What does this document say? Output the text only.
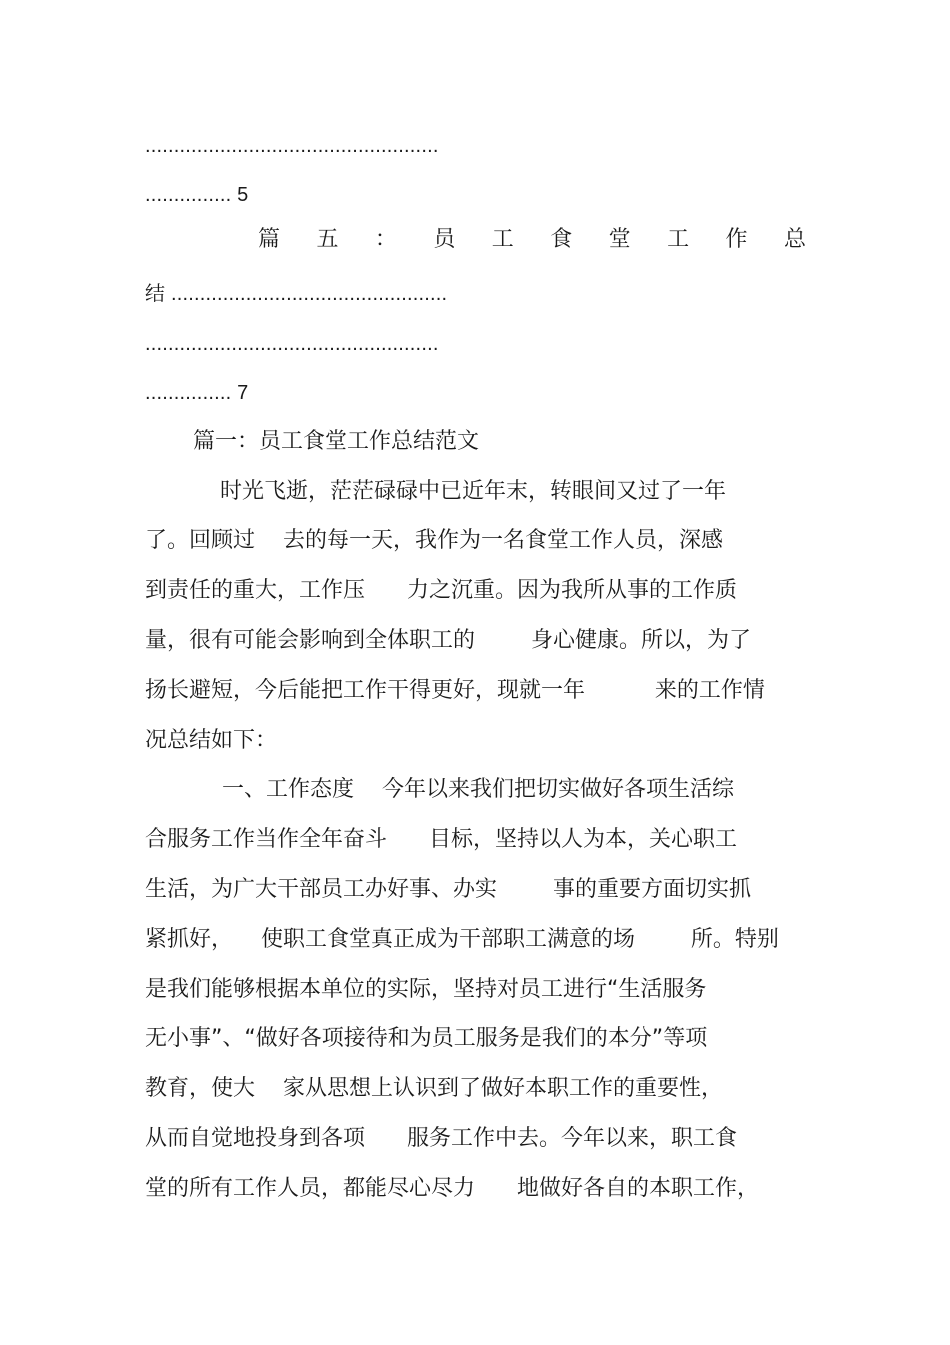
...................................................

............... 5

篇 五 ： 员 工 食 堂 工 作 总

结 ................................................

...................................................

............... 7

篇一：员工食堂工作总结范文

时光飞逝，茫茫碌碌中已近年末，转眼间又过了一年

了。回顾过    去的每一天，我作为一名食堂工作人员，深感

到责任的重大，工作压      力之沉重。因为我所从事的工作质

量，很有可能会影响到全体职工的        身心健康。所以，为了

扬长避短，今后能把工作干得更好，现就一年          来的工作情

况总结如下：

一、工作态度    今年以来我们把切实做好各项生活综

合服务工作当作全年奋斗      目标，坚持以人为本，关心职工

生活，为广大干部员工办好事、办实        事的重要方面切实抓

紧抓好，    使职工食堂真正成为干部职工满意的场        所。特别

是我们能够根据本单位的实际，坚持对员工进行“生活服务

无小事”、“做好各项接待和为员工服务是我们的本分”等项

教育，使大    家从思想上认识到了做好本职工作的重要性，

从而自觉地投身到各项      服务工作中去。今年以来，职工食

堂的所有工作人员，都能尽心尽力      地做好各自的本职工作，
